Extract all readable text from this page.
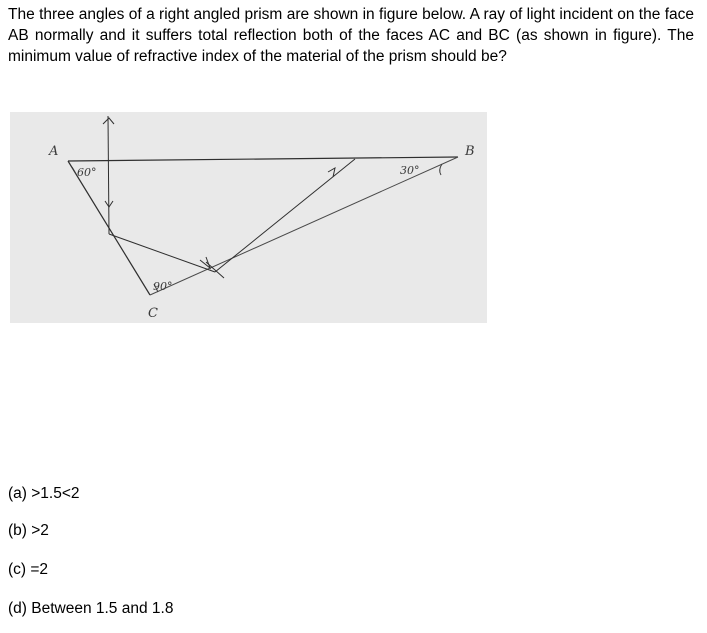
The three angles of a right angled prism are shown in figure below. A ray of light incident on the face AB normally and it suffers total reflection both of the faces AC and BC (as shown in figure). The minimum value of refractive index of the material of the prism should be?

A	B
C
60°	30°
90°

(a) >1.5<2

(b) >2

(c) =2

(d) Between 1.5 and 1.8
